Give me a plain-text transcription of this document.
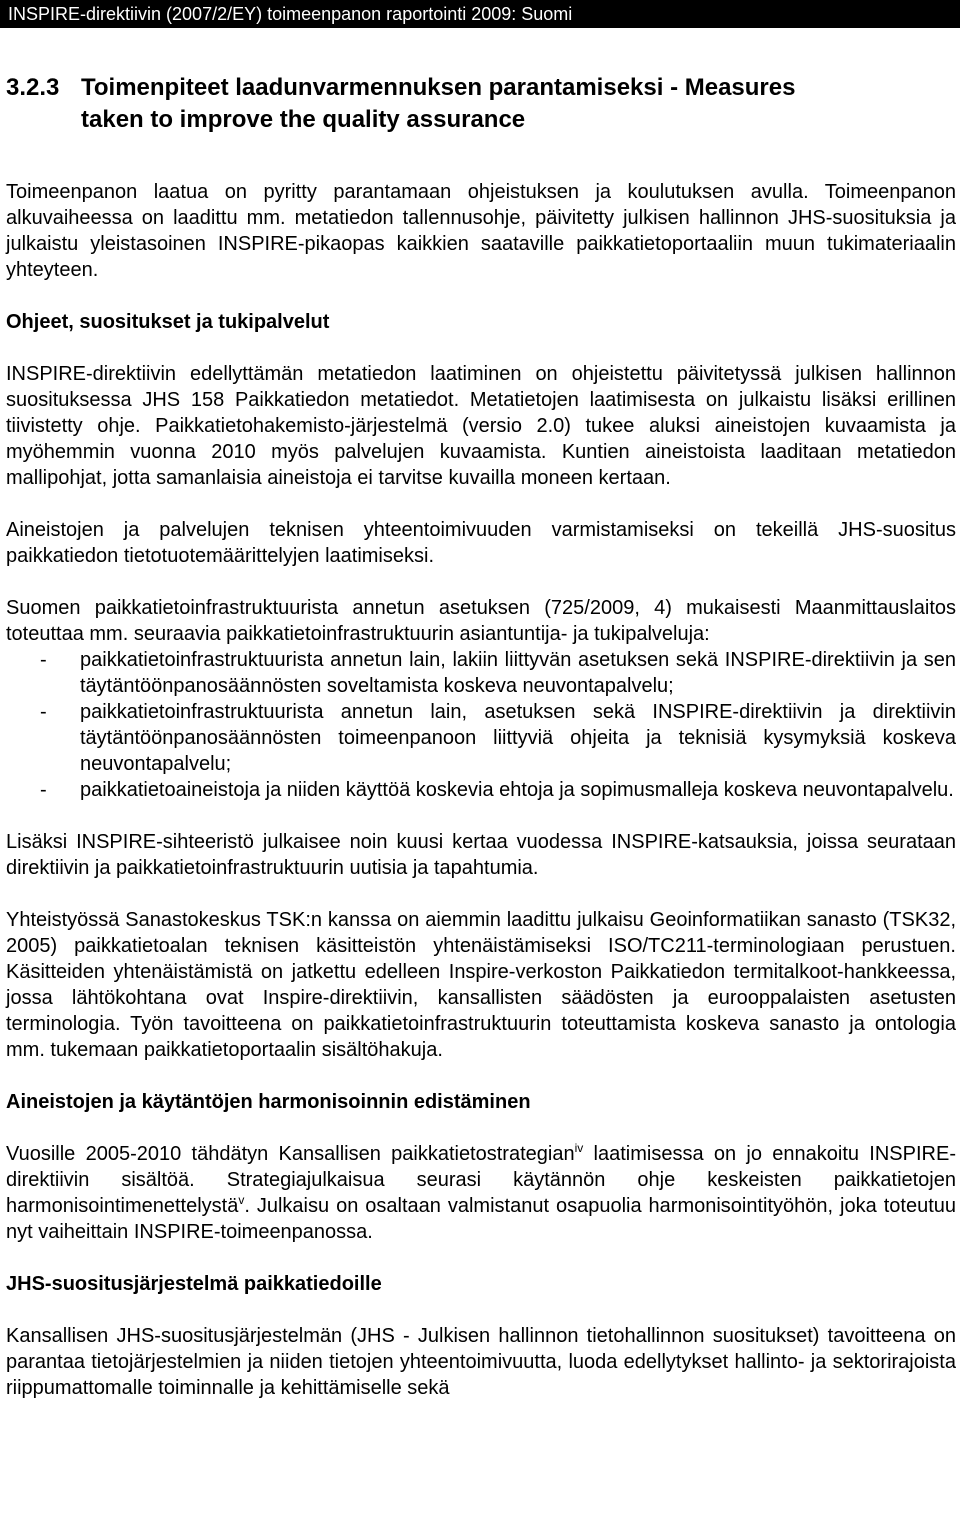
INSPIRE-direktiivin (2007/2/EY) toimeenpanon raportointi 2009: Suomi
3.2.3 Toimenpiteet laadunvarmennuksen parantamiseksi - Measures
taken to improve the quality assurance

Toimeenpanon laatua on pyritty parantamaan ohjeistuksen ja koulutuksen avulla. Toimeenpanon alkuvaiheessa on laadittu mm. metatiedon tallennusohje, päivitetty julkisen hallinnon JHS-suosituksia ja julkaistu yleistasoinen INSPIRE-pikaopas kaikkien saataville paikkatietoportaaliin muun tukimateriaalin yhteyteen.

Ohjeet, suositukset ja tukipalvelut

INSPIRE-direktiivin edellyttämän metatiedon laatiminen on ohjeistettu päivitetyssä julkisen hallinnon suosituksessa JHS 158 Paikkatiedon metatiedot. Metatietojen laatimisesta on julkaistu lisäksi erillinen tiivistetty ohje. Paikkatietohakemisto-järjestelmä (versio 2.0) tukee aluksi aineistojen kuvaamista ja myöhemmin vuonna 2010 myös palvelujen kuvaamista. Kuntien aineistoista laaditaan metatiedon mallipohjat, jotta samanlaisia aineistoja ei tarvitse kuvailla moneen kertaan.

Aineistojen ja palvelujen teknisen yhteentoimivuuden varmistamiseksi on tekeillä JHS-suositus paikkatiedon tietotuotemäärittelyjen laatimiseksi.

Suomen paikkatietoinfrastruktuurista annetun asetuksen (725/2009, 4) mukaisesti Maanmittauslaitos toteuttaa mm. seuraavia paikkatietoinfrastruktuurin asiantuntija- ja tukipalveluja:

- paikkatietoinfrastruktuurista annetun lain, lakiin liittyvän asetuksen sekä INSPIRE-direktiivin ja sen täytäntöönpanosäännösten soveltamista koskeva neuvontapalvelu;
- paikkatietoinfrastruktuurista annetun lain, asetuksen sekä INSPIRE-direktiivin ja direktiivin täytäntöönpanosäännösten toimeenpanoon liittyviä ohjeita ja teknisiä kysymyksiä koskeva neuvontapalvelu;
- paikkatietoaineistoja ja niiden käyttöä koskevia ehtoja ja sopimusmalleja koskeva neuvontapalvelu.

Lisäksi INSPIRE-sihteeristö julkaisee noin kuusi kertaa vuodessa INSPIRE-katsauksia, joissa seurataan direktiivin ja paikkatietoinfrastruktuurin uutisia ja tapahtumia.

Yhteistyössä Sanastokeskus TSK:n kanssa on aiemmin laadittu julkaisu Geoinformatiikan sanasto (TSK32, 2005) paikkatietoalan teknisen käsitteistön yhtenäistämiseksi ISO/TC211-terminologiaan perustuen. Käsitteiden yhtenäistämistä on jatkettu edelleen Inspire-verkoston Paikkatiedon termitalkoot-hankkeessa, jossa lähtökohtana ovat Inspire-direktiivin, kansallisten säädösten ja eurooppalaisten asetusten terminologia. Työn tavoitteena on paikkatietoinfrastruktuurin toteuttamista koskeva sanasto ja ontologia mm. tukemaan paikkatietoportaalin sisältöhakuja.

Aineistojen ja käytäntöjen harmonisoinnin edistäminen

Vuosille 2005-2010 tähdätyn Kansallisen paikkatietostrategian$^{iv}$ laatimisessa on jo ennakoitu INSPIRE-direktiivin sisältöä. Strategiajulkaisua seurasi käytännön ohje keskeisten paikkatietojen harmonisointimenettelystä$^v$. Julkaisu on osaltaan valmistanut osapuolia harmonisointityöhön, joka toteutuu nyt vaiheittain INSPIRE-toimeenpanossa.

JHS-suositusjärjestelmä paikkatiedoille

Kansallisen JHS-suositusjärjestelmän (JHS - Julkisen hallinnon tietohallinnon suositukset) tavoitteena on parantaa tietojärjestelmien ja niiden tietojen yhteentoimivuutta, luoda edellytykset hallinto- ja sektorirajoista riippumattomalle toiminnalle ja kehittämiselle sekä
